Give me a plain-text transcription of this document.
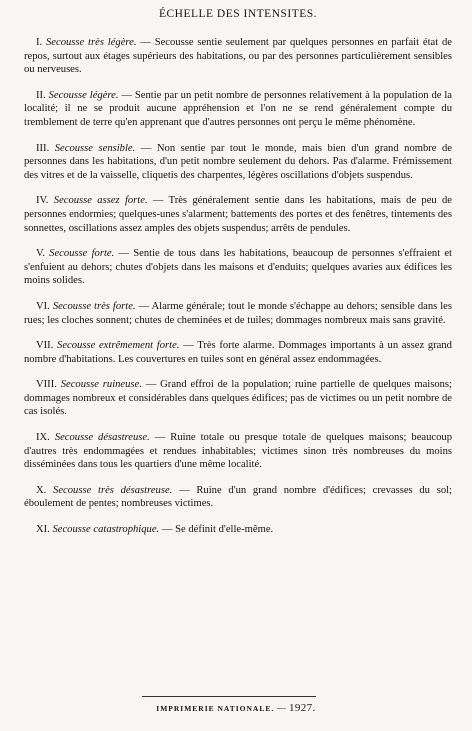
ÉCHELLE DES INTENSITES.

I. Secousse très légère. — Secousse sentie seulement par quelques personnes en parfait état de repos, surtout aux étages supérieurs des habitations, ou par des personnes particulièrement sensibles ou nerveuses.

II. Secousse légère. — Sentie par un petit nombre de personnes relativement à la population de la localité; il ne se produit aucune appréhension et l'on ne se rend généralement compte du tremblement de terre qu'en apprenant que d'autres personnes ont perçu le même phénomène.

III. Secousse sensible. — Non sentie par tout le monde, mais bien d'un grand nombre de personnes dans les habitations, d'un petit nombre seulement du dehors. Pas d'alarme. Frémissement des vitres et de la vaisselle, cliquetis des charpentes, légères oscillations d'objets suspendus.

IV. Secousse assez forte. — Très généralement sentie dans les habitations, mais de peu de personnes endormies; quelques-unes s'alarment; battements des portes et des fenêtres, tintements des sonnettes, oscillations assez amples des objets suspendus; arrêts de pendules.

V. Secousse forte. — Sentie de tous dans les habitations, beaucoup de personnes s'effraient et s'enfuient au dehors; chutes d'objets dans les maisons et d'enduits; quelques avaries aux édifices les moins solides.

VI. Secousse très forte. — Alarme générale; tout le monde s'échappe au dehors; sensible dans les rues; les cloches sonnent; chutes de cheminées et de tuiles; dommages nombreux mais sans gravité.

VII. Secousse extrêmement forte. — Très forte alarme. Dommages importants à un assez grand nombre d'habitations. Les couvertures en tuiles sont en général assez endommagées.

VIII. Secousse ruineuse. — Grand effroi de la population; ruine partielle de quelques maisons; dommages nombreux et considérables dans quelques édifices; pas de victimes ou un petit nombre de cas isolés.

IX. Secousse désastreuse. — Ruine totale ou presque totale de quelques maisons; beaucoup d'autres très endommagées et rendues inhabitables; victimes sinon très nombreuses du moins disséminées dans tous les quartiers d'une même localité.

X. Secousse très désastreuse. — Ruine d'un grand nombre d'édifices; crevasses du sol; éboulement de pentes; nombreuses victimes.

XI. Secousse catastrophique. — Se définit d'elle-même.

IMPRIMERIE NATIONALE. — 1927.
